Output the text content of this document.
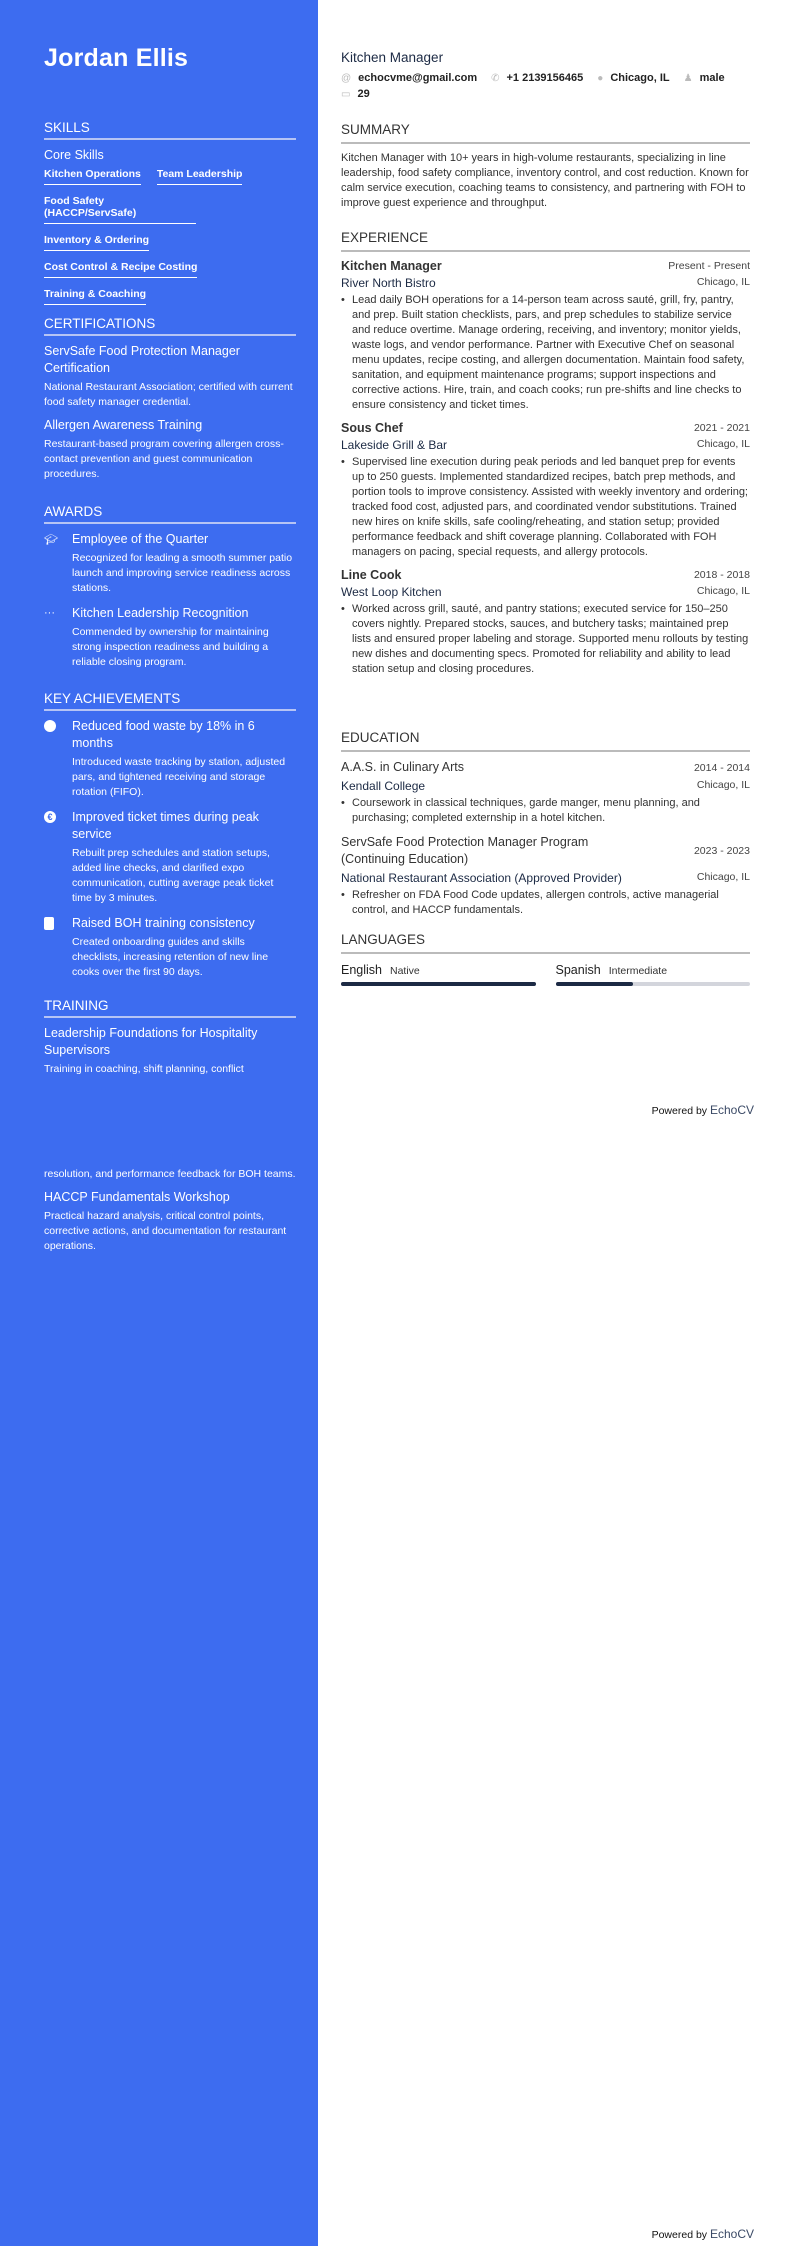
Jordan Ellis
SKILLS
Core Skills
Kitchen Operations Team Leadership
Food Safety (HACCP/ServSafe)
Inventory & Ordering
Cost Control & Recipe Costing
Training & Coaching
CERTIFICATIONS
ServSafe Food Protection Manager Certification
National Restaurant Association; certified with current food safety manager credential.
Allergen Awareness Training
Restaurant-based program covering allergen cross-contact prevention and guest communication procedures.
AWARDS
🎓︎	Employee of the Quarter
Recognized for leading a smooth summer patio launch and improving service readiness across stations.
···	Kitchen Leadership Recognition
Commended by ownership for maintaining strong inspection readiness and building a reliable closing program.
KEY ACHIEVEMENTS
Reduced food waste by 18% in 6 months
Introduced waste tracking by station, adjusted pars, and tightened receiving and storage rotation (FIFO).
€	Improved ticket times during peak service
Rebuilt prep schedules and station setups, added line checks, and clarified expo communication, cutting average peak ticket time by 3 minutes.
Raised BOH training consistency
Created onboarding guides and skills checklists, increasing retention of new line cooks over the first 90 days.
TRAINING
Leadership Foundations for Hospitality Supervisors
Training in coaching, shift planning, conflict
Kitchen Manager
@ echocvme@gmail.com ✆ +1 2139156465 ● Chicago, IL ♟ male
▭ 29
SUMMARY
Kitchen Manager with 10+ years in high-volume restaurants, specializing in line leadership, food safety compliance, inventory control, and cost reduction. Known for calm service execution, coaching teams to consistency, and partnering with FOH to improve guest experience and throughput.
EXPERIENCE
Kitchen Manager	Present - Present
River North Bistro	Chicago, IL
• Lead daily BOH operations for a 14-person team across sauté, grill, fry, pantry, and prep. Built station checklists, pars, and prep schedules to stabilize service and reduce overtime. Manage ordering, receiving, and inventory; monitor yields, waste logs, and vendor performance. Partner with Executive Chef on seasonal menu updates, recipe costing, and allergen documentation. Maintain food safety, sanitation, and equipment maintenance programs; support inspections and corrective actions. Hire, train, and coach cooks; run pre-shifts and line checks to ensure consistency and ticket times.
Sous Chef	2021 - 2021
Lakeside Grill & Bar	Chicago, IL
• Supervised line execution during peak periods and led banquet prep for events up to 250 guests. Implemented standardized recipes, batch prep methods, and portion tools to improve consistency. Assisted with weekly inventory and ordering; tracked food cost, adjusted pars, and coordinated vendor substitutions. Trained new hires on knife skills, safe cooling/reheating, and station setup; provided performance feedback and shift coverage planning. Collaborated with FOH managers on pacing, special requests, and allergy protocols.
Line Cook	2018 - 2018
West Loop Kitchen	Chicago, IL
• Worked across grill, sauté, and pantry stations; executed service for 150–250 covers nightly. Prepared stocks, sauces, and butchery tasks; maintained prep lists and ensured proper labeling and storage. Supported menu rollouts by testing new dishes and documenting specs. Promoted for reliability and ability to lead station setup and closing procedures.
EDUCATION
A.A.S. in Culinary Arts	2014 - 2014
Kendall College	Chicago, IL
• Coursework in classical techniques, garde manger, menu planning, and purchasing; completed externship in a hotel kitchen.
ServSafe Food Protection Manager Program (Continuing Education)
2023 - 2023
National Restaurant Association (Approved Provider)	Chicago, IL
• Refresher on FDA Food Code updates, allergen controls, active managerial control, and HACCP fundamentals.
LANGUAGES
English Native	Spanish Intermediate
Powered by EchoCV
resolution, and performance feedback for BOH teams.
HACCP Fundamentals Workshop
Practical hazard analysis, critical control points, corrective actions, and documentation for restaurant operations.
Powered by EchoCV
